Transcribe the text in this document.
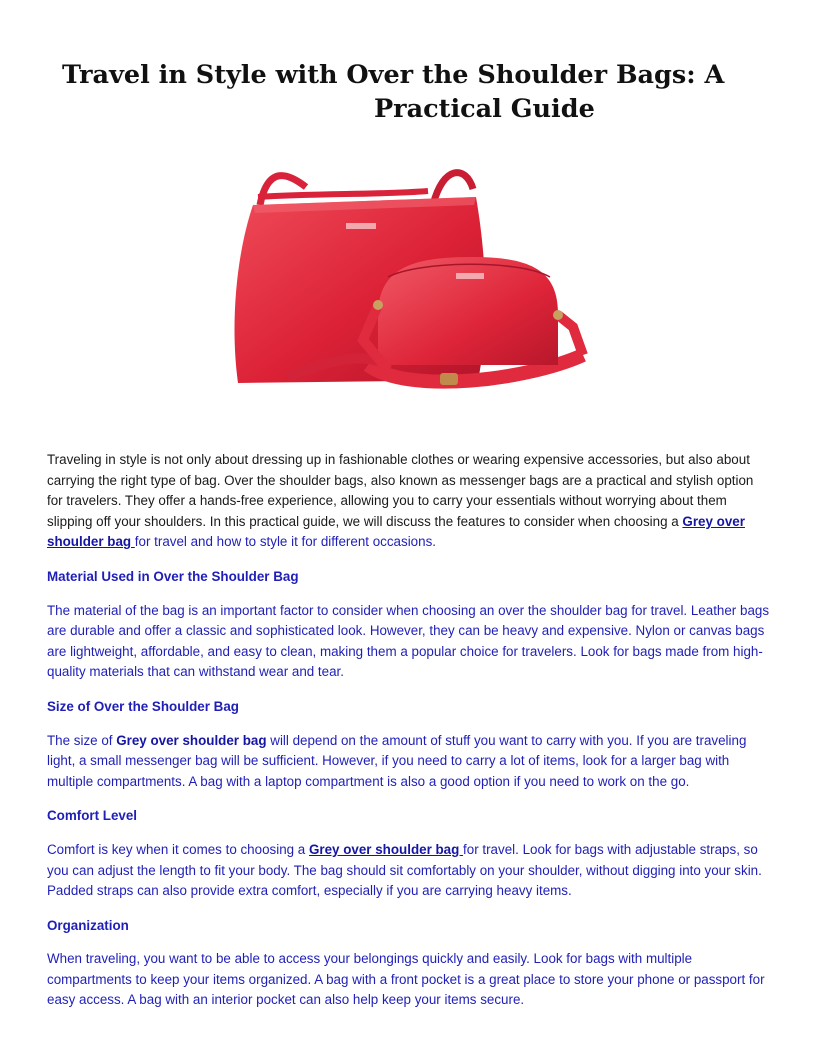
Travel in Style with Over the Shoulder Bags: A
Practical Guide

Traveling in style is not only about dressing up in fashionable clothes or wearing expensive accessories, but also about carrying the right type of bag. Over the shoulder bags, also known as messenger bags are a practical and stylish option for travelers. They offer a hands-free experience, allowing you to carry your essentials without worrying about them slipping off your shoulders. In this practical guide, we will discuss the features to consider when choosing a Grey over shoulder bag for travel and how to style it for different occasions.

Material Used in Over the Shoulder Bag

The material of the bag is an important factor to consider when choosing an over the shoulder bag for travel. Leather bags are durable and offer a classic and sophisticated look. However, they can be heavy and expensive. Nylon or canvas bags are lightweight, affordable, and easy to clean, making them a popular choice for travelers. Look for bags made from high-quality materials that can withstand wear and tear.

Size of Over the Shoulder Bag

The size of Grey over shoulder bag will depend on the amount of stuff you want to carry with you. If you are traveling light, a small messenger bag will be sufficient. However, if you need to carry a lot of items, look for a larger bag with multiple compartments. A bag with a laptop compartment is also a good option if you need to work on the go.

Comfort Level

Comfort is key when it comes to choosing a Grey over shoulder bag for travel. Look for bags with adjustable straps, so you can adjust the length to fit your body. The bag should sit comfortably on your shoulder, without digging into your skin. Padded straps can also provide extra comfort, especially if you are carrying heavy items.

Organization

When traveling, you want to be able to access your belongings quickly and easily. Look for bags with multiple compartments to keep your items organized. A bag with a front pocket is a great place to store your phone or passport for easy access. A bag with an interior pocket can also help keep your items secure.
